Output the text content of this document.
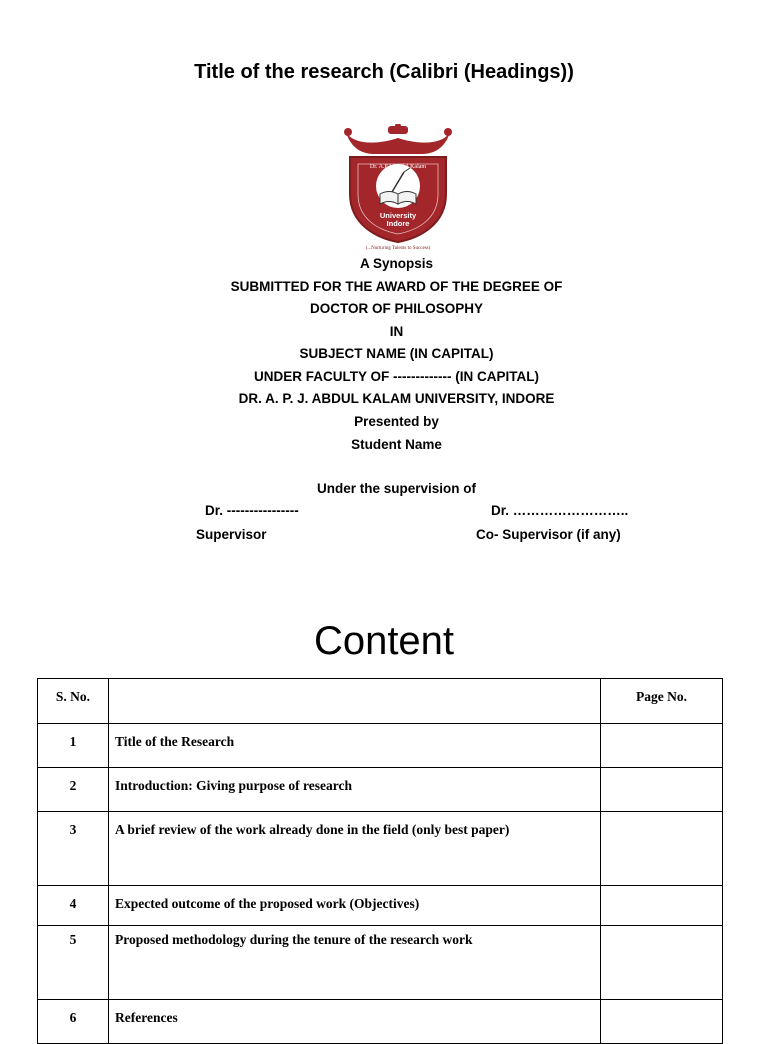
Title of the research (Calibri (Headings))
Dr. A.P.J. Abdul Kalam
University
Indore
(...Nurturing Talents to Success)
A Synopsis
SUBMITTED FOR THE AWARD OF THE DEGREE OF
DOCTOR OF PHILOSOPHY
IN
SUBJECT NAME (IN CAPITAL)
UNDER FACULTY OF ------------- (IN CAPITAL)
DR. A. P. J. ABDUL KALAM UNIVERSITY, INDORE
Presented by
Student Name
Under the supervision of
Dr. ----------------	Dr. ……………………..
Supervisor	Co- Supervisor (if any)
Content
S. No.		Page No.
1	Title of the Research	
2	Introduction: Giving purpose of research	
3	A brief review of the work already done in the field (only best paper)	
4	Expected outcome of the proposed work (Objectives)	
5	Proposed methodology during the tenure of the research work	
6	References	
